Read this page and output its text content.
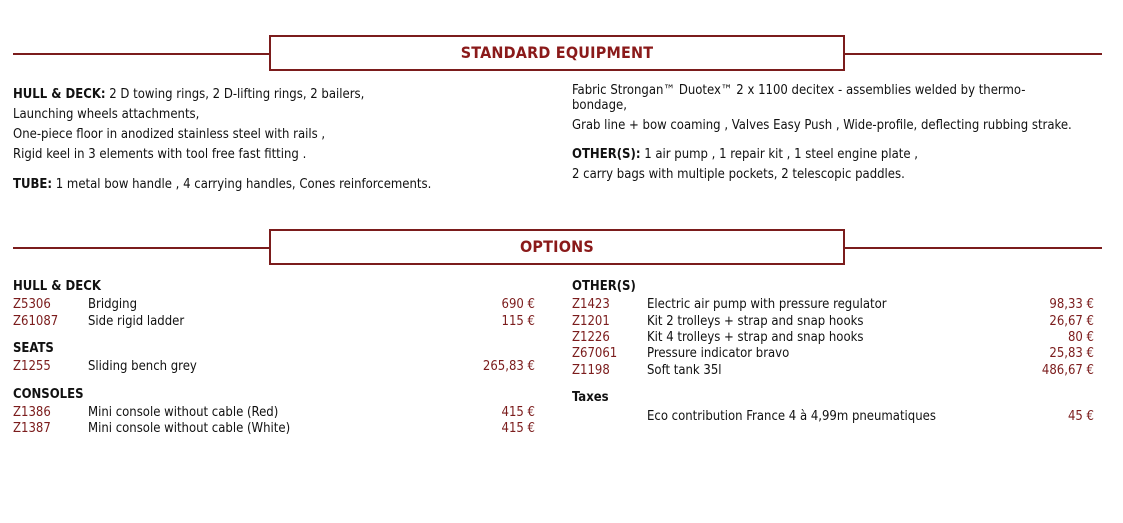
STANDARD EQUIPMENT
HULL & DECK: 2 D towing rings, 2 D-lifting rings, 2 bailers,
Launching wheels attachments,
One-piece floor in anodized stainless steel with rails ,
Rigid keel in 3 elements with tool free fast fitting .
TUBE: 1 metal bow handle , 4 carrying handles, Cones reinforcements.
Fabric Strongan™ Duotex™ 2 x 1100 decitex - assemblies welded by thermo-
bondage,
Grab line + bow coaming , Valves Easy Push , Wide-profile, deflecting rubbing strake.
OTHER(S): 1 air pump , 1 repair kit , 1 steel engine plate ,
2 carry bags with multiple pockets, 2 telescopic paddles.
OPTIONS
HULL & DECK
Z5306	Bridging	690 €
Z61087 Side rigid ladder	115 €
SEATS
Z1255	Sliding bench grey	265,83 €
CONSOLES
Z1386	Mini console without cable (Red)	415 €
Z1387	Mini console without cable (White)	415 €
OTHER(S)
Z1423	Electric air pump with pressure regulator	98,33 €
Z1201	Kit 2 trolleys + strap and snap hooks	26,67 €
Z1226	Kit 4 trolleys + strap and snap hooks	80 €
Z67061 Pressure indicator bravo	25,83 €
Z1198	Soft tank 35l	486,67 €
Taxes
Eco contribution France 4 à 4,99m pneumatiques	45 €
